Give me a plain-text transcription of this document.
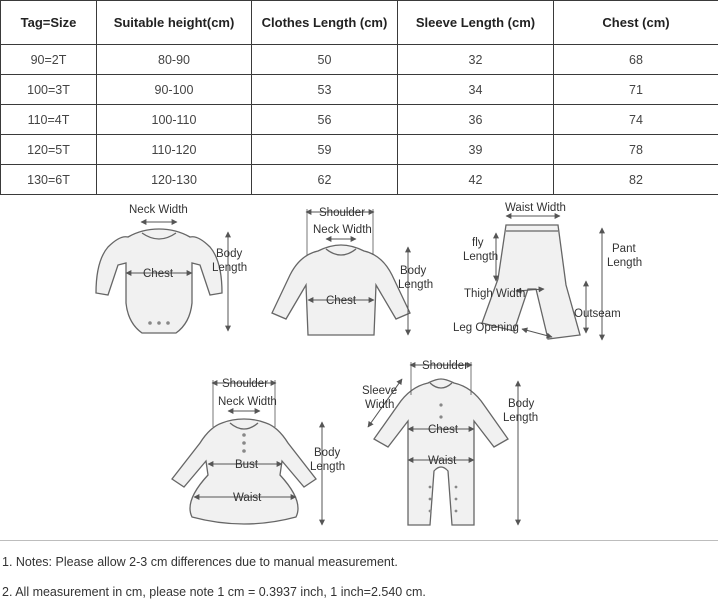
Tag=Size	Suitable height(cm)	Clothes Length (cm)	Sleeve Length (cm)	Chest (cm)
90=2T	80-90	50	32	68
100=3T	90-100	53	34	71
110=4T	100-110	56	36	74
120=5T	110-120	59	39	78
130=6T	120-130	62	42	82
Neck Width
Chest
Body
Length
Shoulder
Neck Width
Chest
Body
Length
Waist Width
fly
Length
Pant
Length
Thigh Width
Leg Opening
Outseam
Shoulder
Neck Width
Bust
Waist
Body
Length
Shoulder
Sleeve
Width
Chest
Waist
Body
Length
1. Notes: Please allow 2-3 cm differences due to manual measurement.
2. All measurement in cm, please note 1 cm = 0.3937 inch, 1 inch=2.540 cm.
